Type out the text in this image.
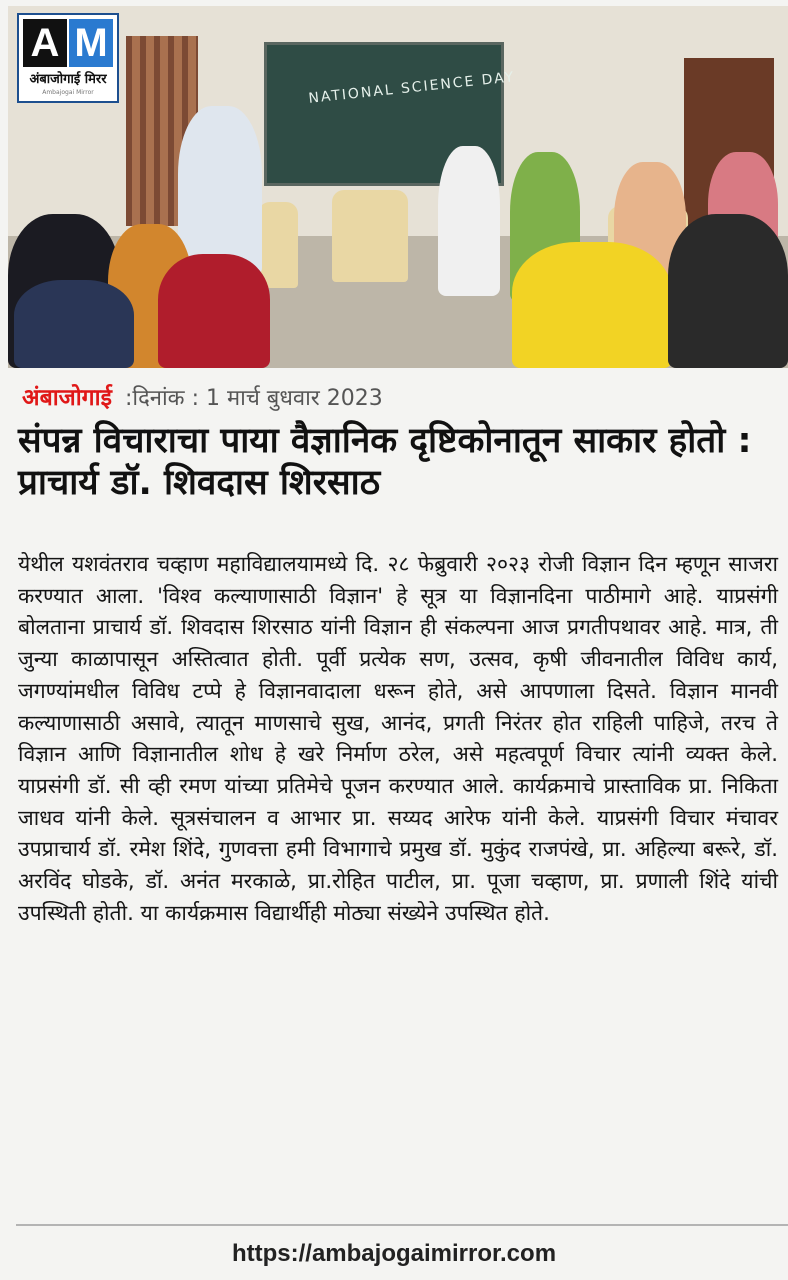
NATIONAL SCIENCE DAY
A M
अंबाजोगाई मिरर
Ambajogai Mirror
अंबाजोगाई :दिनांक : 1 मार्च बुधवार 2023
संपन्न विचाराचा पाया वैज्ञानिक दृष्टिकोनातून साकार होतो : प्राचार्य डॉ. शिवदास शिरसाठ
येथील यशवंतराव चव्हाण महाविद्यालयामध्ये दि. २८ फेब्रुवारी २०२३ रोजी विज्ञान दिन म्हणून साजरा करण्यात आला. 'विश्व कल्याणासाठी विज्ञान' हे सूत्र या विज्ञानदिना पाठीमागे आहे. याप्रसंगी बोलताना प्राचार्य डॉ. शिवदास शिरसाठ यांनी विज्ञान ही संकल्पना आज प्रगतीपथावर आहे. मात्र, ती जुन्या काळापासून अस्तित्वात होती. पूर्वी प्रत्येक सण, उत्सव, कृषी जीवनातील विविध कार्य, जगण्यांमधील विविध टप्पे हे विज्ञानवादाला धरून होते, असे आपणाला दिसते. विज्ञान मानवी कल्याणासाठी असावे, त्यातून माणसाचे सुख, आनंद, प्रगती निरंतर होत राहिली पाहिजे, तरच ते विज्ञान आणि विज्ञानातील शोध हे खरे निर्माण ठरेल, असे महत्वपूर्ण विचार त्यांनी व्यक्त केले. याप्रसंगी डॉ. सी व्ही रमण यांच्या प्रतिमेचे पूजन करण्यात आले. कार्यक्रमाचे प्रास्ताविक प्रा. निकिता जाधव यांनी केले. सूत्रसंचालन व आभार प्रा. सय्यद आरेफ यांनी केले. याप्रसंगी विचार मंचावर उपप्राचार्य डॉ. रमेश शिंदे, गुणवत्ता हमी विभागाचे प्रमुख डॉ. मुकुंद राजपंखे, प्रा. अहिल्या बरूरे, डॉ. अरविंद घोडके, डॉ. अनंत मरकाळे, प्रा.रोहित पाटील, प्रा. पूजा चव्हाण, प्रा. प्रणाली शिंदे यांची उपस्थिती होती. या कार्यक्रमास विद्यार्थीही मोठ्या संख्येने उपस्थित होते.
https://ambajogaimirror.com
